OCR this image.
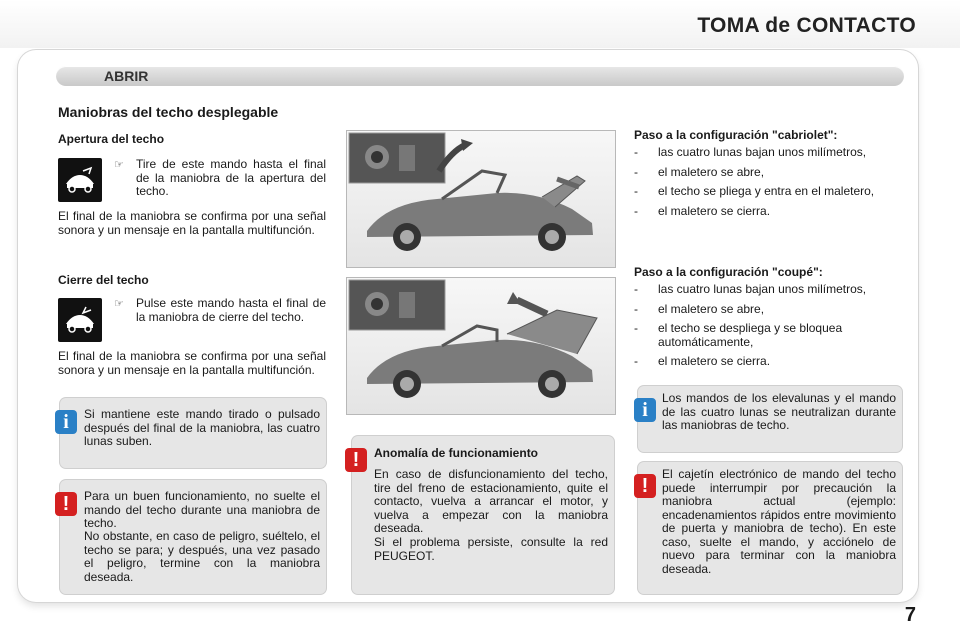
TOMA de CONTACTO
ABRIR
Maniobras del techo desplegable
Apertura del techo
☞	Tire de este mando hasta el final de la maniobra de la apertura del techo.
El final de la maniobra se confirma por una señal sonora y un mensaje en la pantalla multifunción.
Cierre del techo
☞	Pulse este mando hasta el final de la maniobra de cierre del techo.
El final de la maniobra se confirma por una señal sonora y un mensaje en la pantalla multifunción.
Si mantiene este mando tirado o pulsado después del final de la maniobra, las cuatro lunas suben.
i
Para un buen funcionamiento, no suelte el mando del techo durante una maniobra de techo.
No obstante, en caso de peligro, suéltelo, el techo se para; y después, una vez pasado el peligro, termine con la maniobra deseada.
!
Anomalía de funcionamiento
En caso de disfuncionamiento del techo, tire del freno de estacionamiento, quite el contacto, vuelva a arrancar el motor, y vuelva a empezar con la maniobra deseada.
Si el problema persiste, consulte la red PEUGEOT.
!
Paso a la configuración "cabriolet":
- las cuatro lunas bajan unos milímetros,
- el maletero se abre,
- el techo se pliega y entra en el maletero,
- el maletero se cierra.
Paso a la configuración "coupé":
- las cuatro lunas bajan unos milímetros,
- el maletero se abre,
- el techo se despliega y se bloquea automáticamente,
- el maletero se cierra.
Los mandos de los elevalunas y el mando de las cuatro lunas se neutralizan durante las maniobras de techo.
i
El cajetín electrónico de mando del techo puede interrumpir por precaución la maniobra actual (ejemplo: encadenamientos rápidos entre movimiento de puerta y maniobra de techo). En este caso, suelte el mando, y acciónelo de nuevo para terminar con la maniobra deseada.
!
7
